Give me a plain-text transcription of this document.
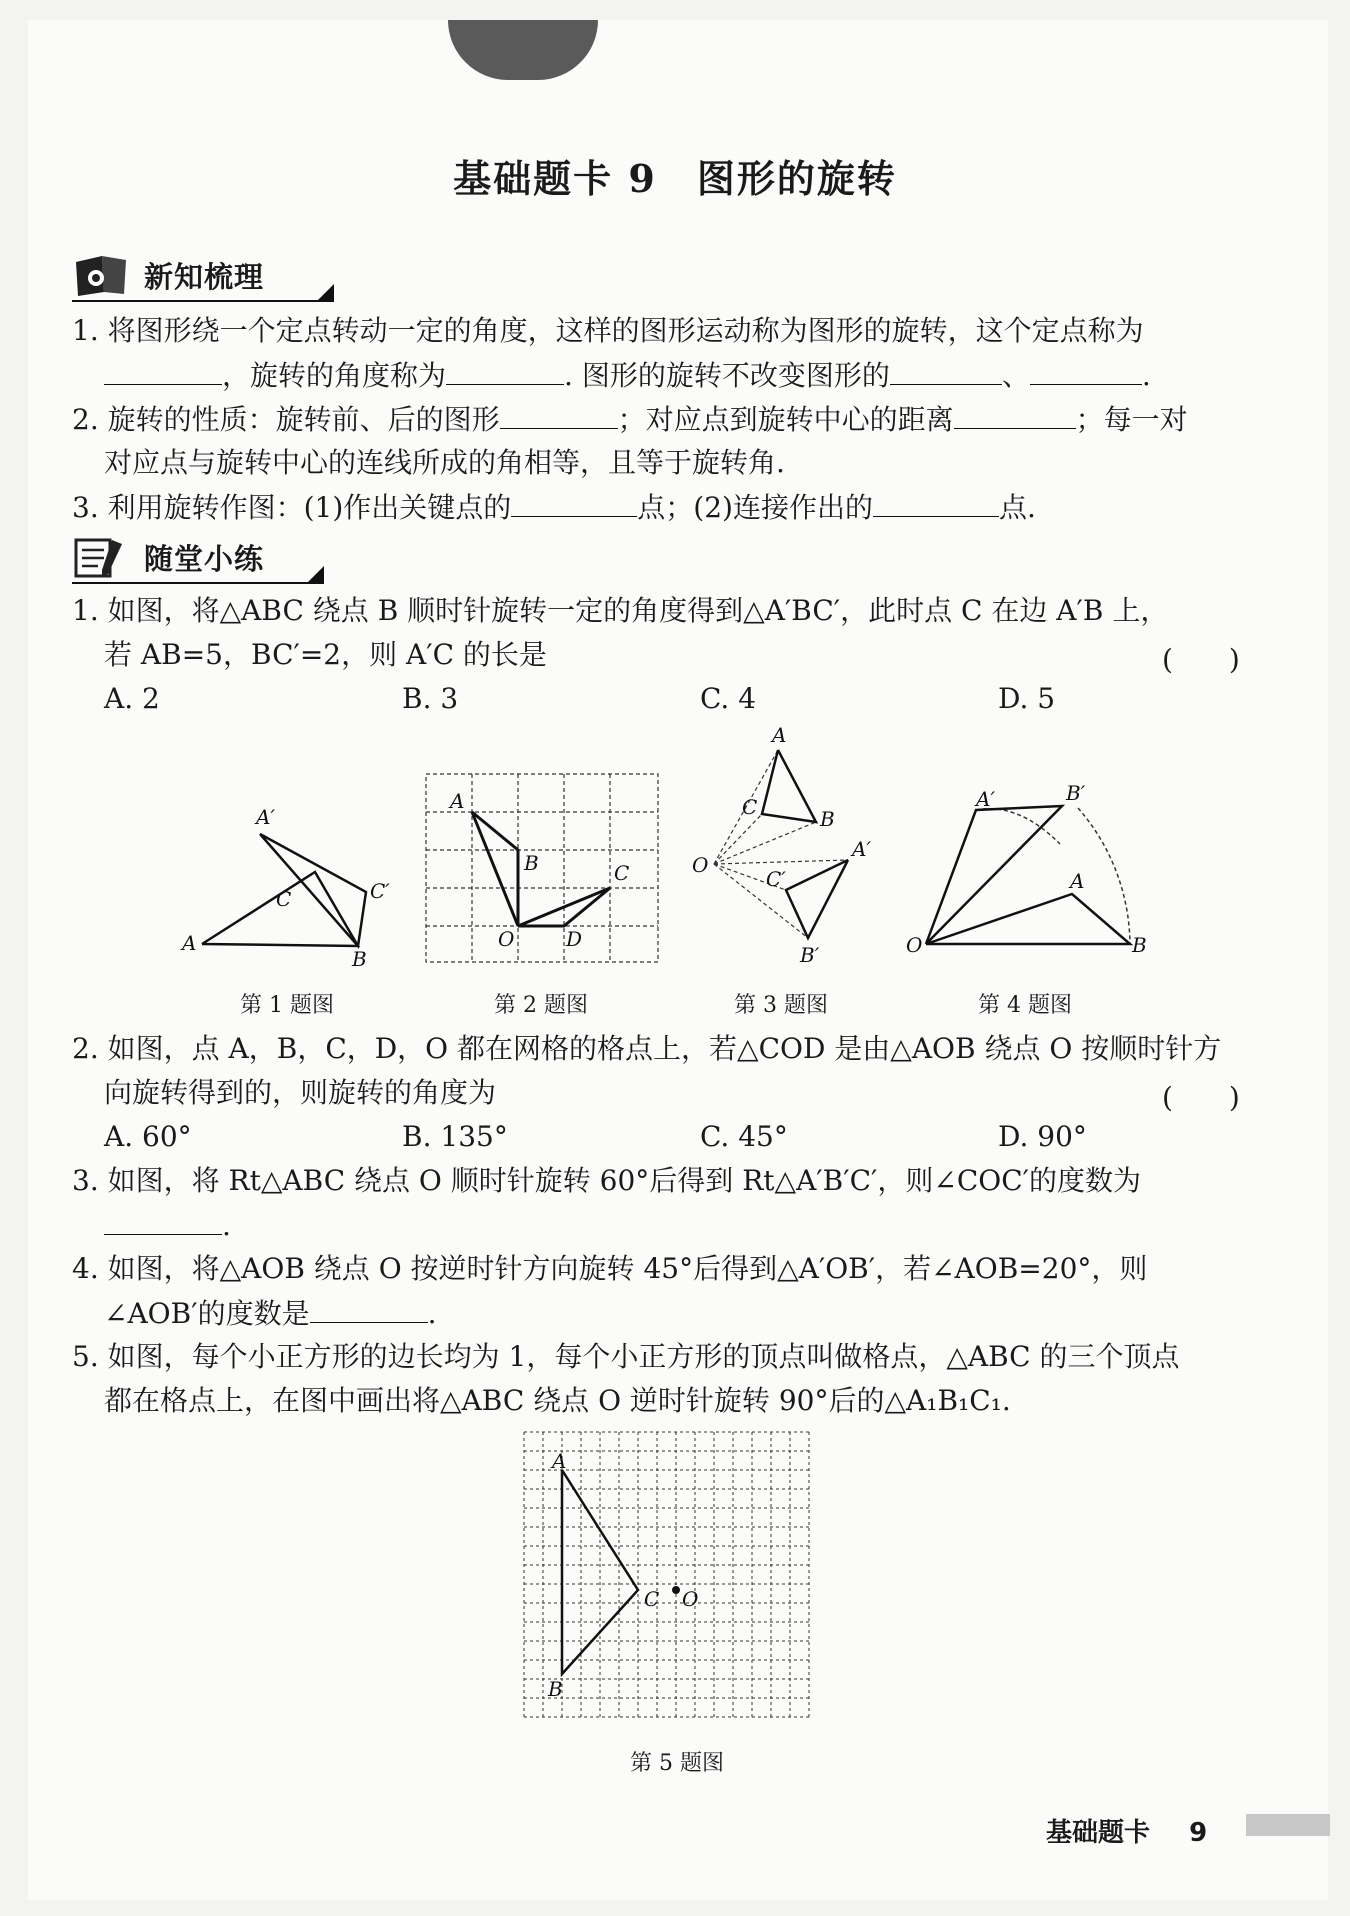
基础题卡 9　图形的旋转
新知梳理
1. 将图形绕一个定点转动一定的角度，这样的图形运动称为图形的旋转，这个定点称为
，旋转的角度称为	. 图形的旋转不改变图形的	、	.
2. 旋转的性质：旋转前、后的图形	；对应点到旋转中心的距离	；每一对
对应点与旋转中心的连线所成的角相等，且等于旋转角.
3. 利用旋转作图：(1)作出关键点的	点；(2)连接作出的	点.
随堂小练
1. 如图，将△ABC 绕点 B 顺时针旋转一定的角度得到△A′BC′，此时点 C 在边 A′B 上，
若 AB=5，BC′=2，则 A′C 的长是	(　　)
A. 2	B. 3	C. 4	D. 5
A′
C	C′
A
B
第 1 题图
A
B	C
O	D
第 2 题图
A
C	B
O
A′
C′
B′
第 3 题图
A′	B′
A
O	B
第 4 题图
2. 如图，点 A，B，C，D，O 都在网格的格点上，若△COD 是由△AOB 绕点 O 按顺时针方
向旋转得到的，则旋转的角度为	(　　)
A. 60°	B. 135°	C. 45°	D. 90°
3. 如图，将 Rt△ABC 绕点 O 顺时针旋转 60°后得到 Rt△A′B′C′，则∠COC′的度数为
.
4. 如图，将△AOB 绕点 O 按逆时针方向旋转 45°后得到△A′OB′，若∠AOB=20°，则
∠AOB′的度数是	.
5. 如图，每个小正方形的边长均为 1，每个小正方形的顶点叫做格点，△ABC 的三个顶点
都在格点上，在图中画出将△ABC 绕点 O 逆时针旋转 90°后的△A₁B₁C₁.
A
B
C O
第 5 题图
基础题卡 9
